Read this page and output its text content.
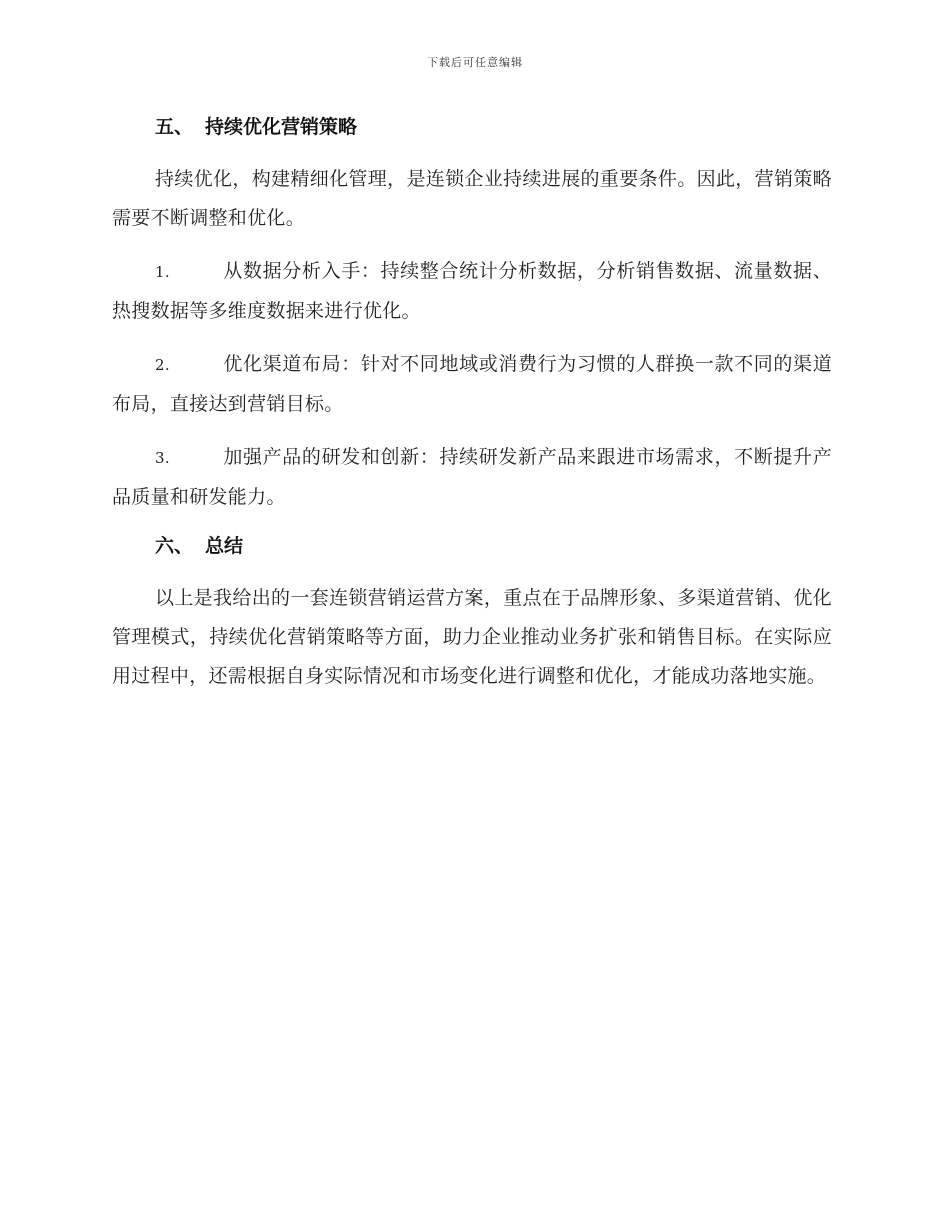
下载后可任意编辑
五、 持续优化营销策略

持续优化，构建精细化管理，是连锁企业持续进展的重要条件。因此，营销策略需要不断调整和优化。

1.	从数据分析入手：持续整合统计分析数据，分析销售数据、流量数据、热搜数据等多维度数据来进行优化。

2.	优化渠道布局：针对不同地域或消费行为习惯的人群换一款不同的渠道布局，直接达到营销目标。

3.	加强产品的研发和创新：持续研发新产品来跟进市场需求，不断提升产品质量和研发能力。

六、 总结

以上是我给出的一套连锁营销运营方案，重点在于品牌形象、多渠道营销、优化管理模式，持续优化营销策略等方面，助力企业推动业务扩张和销售目标。在实际应用过程中，还需根据自身实际情况和市场变化进行调整和优化，才能成功落地实施。
